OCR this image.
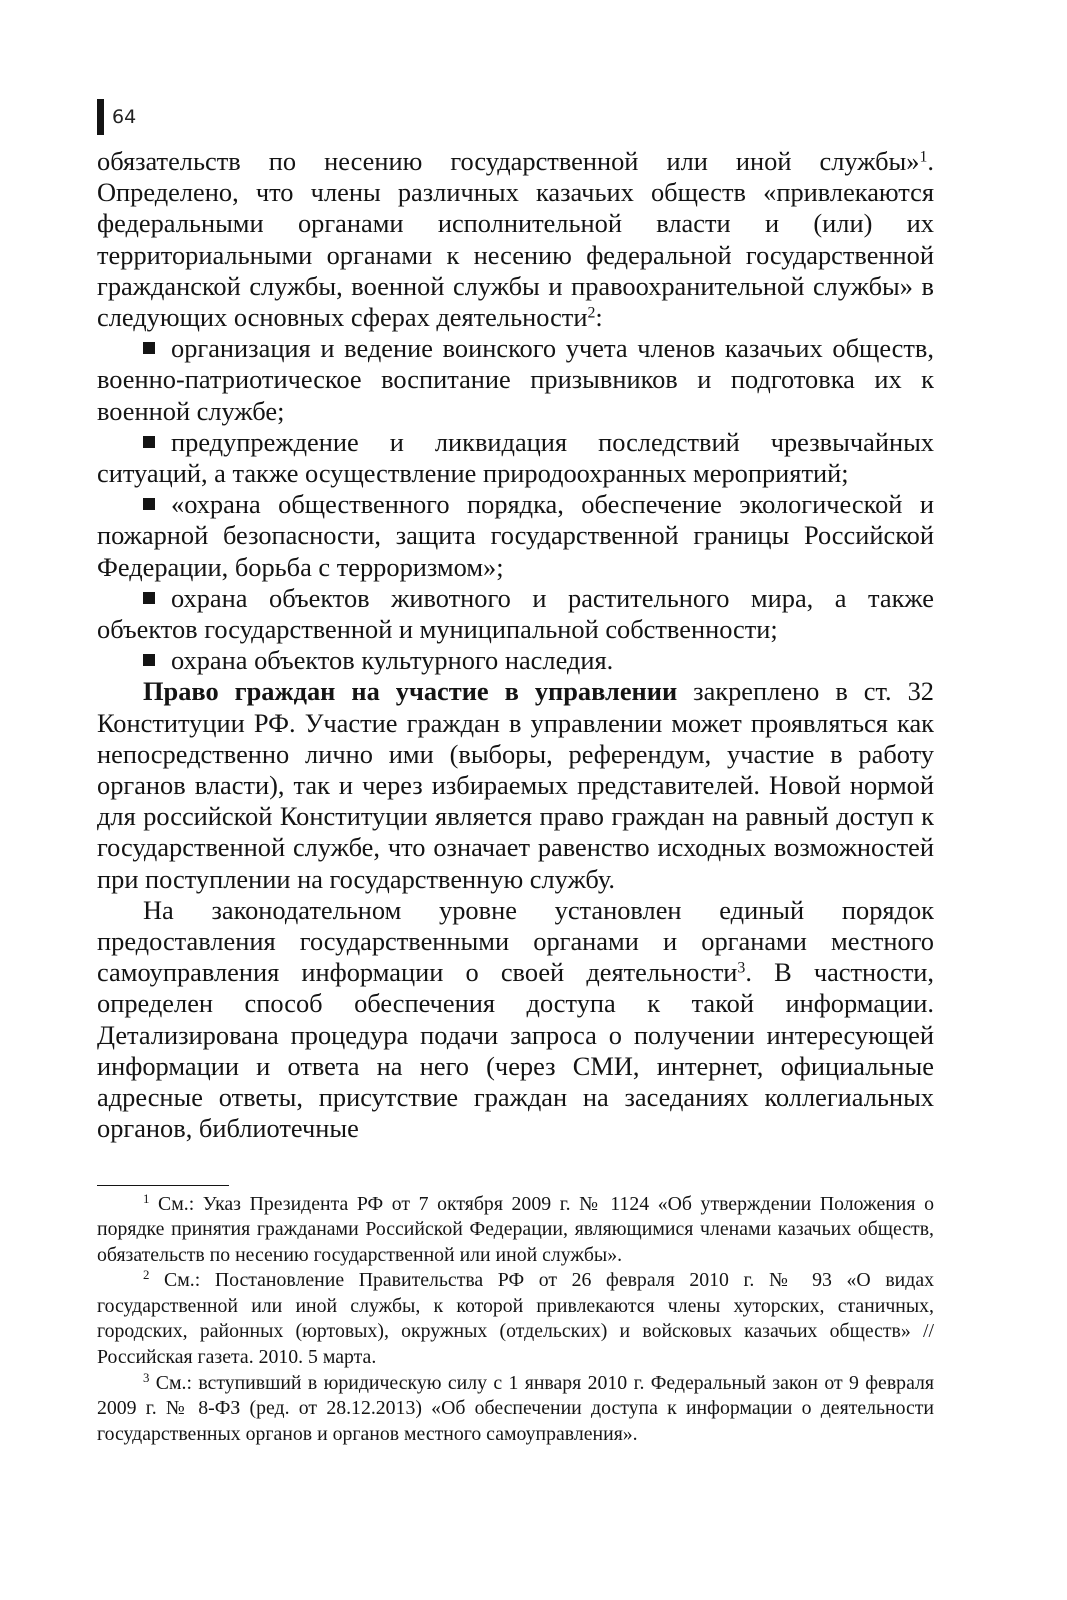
64

обязательств по несению государственной или иной службы»$^1$. Определено, что члены различных казачьих обществ «привлекаются федеральными органами исполнительной власти и (или) их территориальными органами к несению федеральной государственной гражданской службы, военной службы и правоохранительной службы» в следующих основных сферах деятельности$^2$:

организация и ведение воинского учета членов казачьих обществ, военно-патриотическое воспитание призывников и подготовка их к военной службе;

предупреждение и ликвидация последствий чрезвычайных ситуаций, а также осуществление природоохранных мероприятий;

«охрана общественного порядка, обеспечение экологической и пожарной безопасности, защита государственной границы Российской Федерации, борьба с терроризмом»;

охрана объектов животного и растительного мира, а также объектов государственной и муниципальной собственности;

охрана объектов культурного наследия.

Право граждан на участие в управлении закреплено в ст. 32 Конституции РФ. Участие граждан в управлении может проявляться как непосредственно лично ими (выборы, референдум, участие в работу органов власти), так и через избираемых представителей. Новой нормой для российской Конституции является право граждан на равный доступ к государственной службе, что означает равенство исходных возможностей при поступлении на государственную службу.

На законодательном уровне установлен единый порядок предоставления государственными органами и органами местного самоуправления информации о своей деятельности$^3$. В частности, определен способ обеспечения доступа к такой информации. Детализирована процедура подачи запроса о получении интересующей информации и ответа на него (через СМИ, интернет, официальные адресные ответы, присутствие граждан на заседаниях коллегиальных органов, библиотечные

$^1$ См.: Указ Президента РФ от 7 октября 2009 г. № 1124 «Об утверждении Положения о порядке принятия гражданами Российской Федерации, являющимися членами казачьих обществ, обязательств по несению государственной или иной службы».

$^2$ См.: Постановление Правительства РФ от 26 февраля 2010 г. № 93 «О видах государственной или иной службы, к которой привлекаются члены хуторских, станичных, городских, районных (юртовых), окружных (отдельских) и войсковых казачьих обществ» // Российская газета. 2010. 5 марта.

$^3$ См.: вступивший в юридическую силу с 1 января 2010 г. Федеральный закон от 9 февраля 2009 г. № 8-ФЗ (ред. от 28.12.2013) «Об обеспечении доступа к информации о деятельности государственных органов и органов местного самоуправления».
